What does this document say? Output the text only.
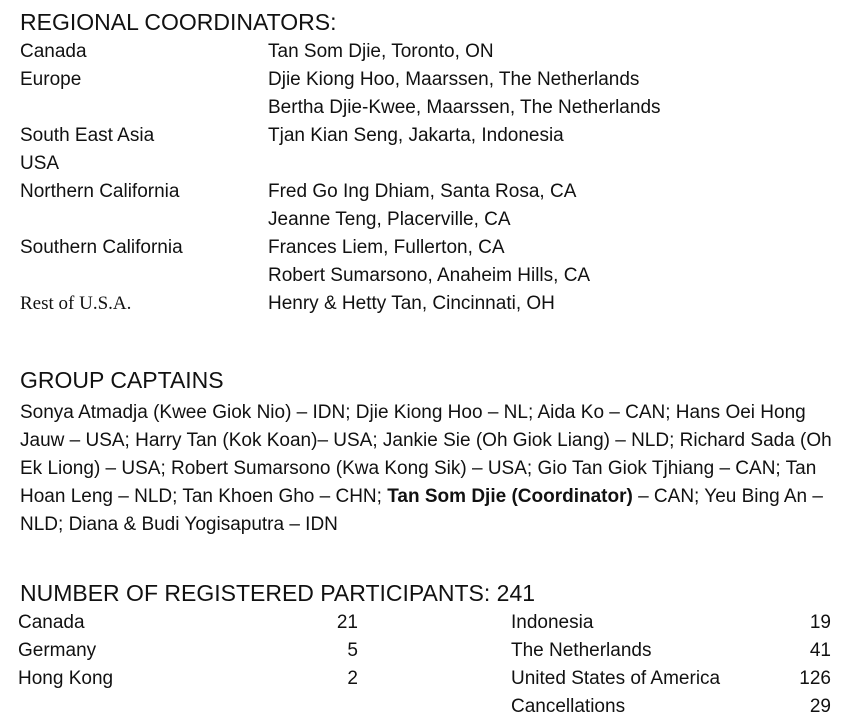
REGIONAL COORDINATORS:
Canada	Tan Som Djie, Toronto, ON
Europe	Djie Kiong Hoo, Maarssen, The Netherlands
Bertha Djie-Kwee, Maarssen, The Netherlands
South East Asia	Tjan Kian Seng, Jakarta, Indonesia
USA
Northern California	Fred Go Ing Dhiam, Santa Rosa, CA
Jeanne Teng, Placerville, CA
Southern California	Frances Liem, Fullerton, CA
Robert Sumarsono, Anaheim Hills, CA
Rest of U.S.A.	Henry & Hetty Tan, Cincinnati, OH
GROUP CAPTAINS
Sonya Atmadja (Kwee Giok Nio) – IDN; Djie Kiong Hoo – NL; Aida Ko – CAN; Hans Oei Hong Jauw – USA; Harry Tan (Kok Koan)– USA; Jankie Sie (Oh Giok Liang) – NLD; Richard Sada (Oh Ek Liong) – USA; Robert Sumarsono (Kwa Kong Sik) – USA; Gio Tan Giok Tjhiang – CAN; Tan Hoan Leng – NLD; Tan Khoen Gho – CHN; Tan Som Djie (Coordinator) – CAN; Yeu Bing An – NLD; Diana & Budi Yogisaputra – IDN
NUMBER OF REGISTERED PARTICIPANTS: 241
Canada	21
Germany	5
Hong Kong	2
Indonesia	19
The Netherlands	41
United States of America	126
Cancellations	29
